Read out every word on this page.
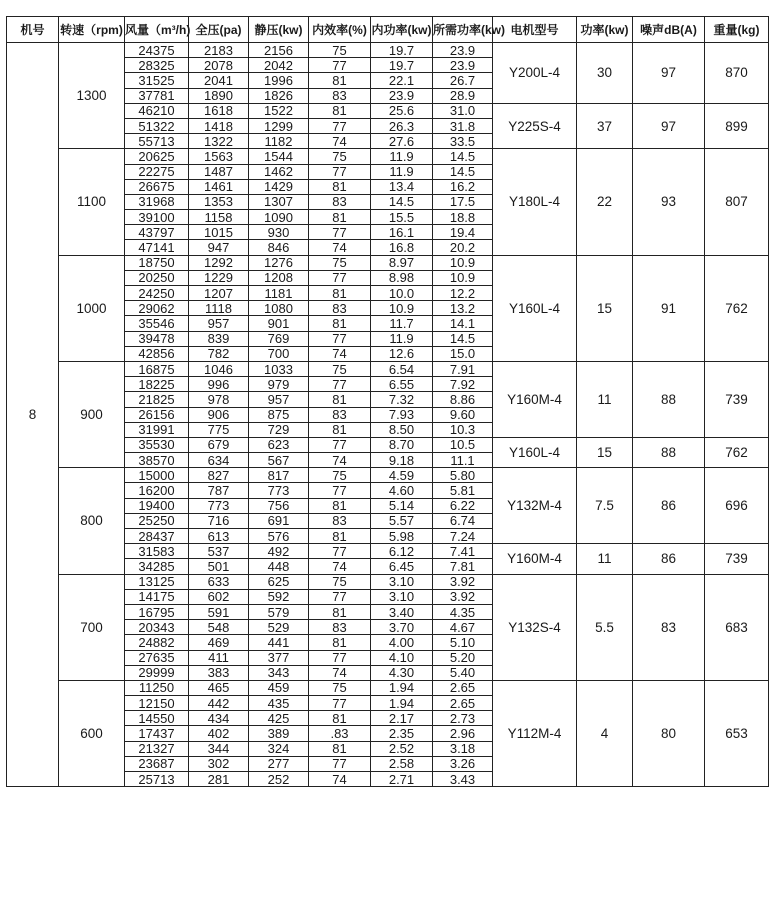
机号	转速（rpm)	风量（m³/h)	全压(pa)	静压(kw)	内效率(%)	内功率(kw)	所需功率(kw)	电机型号	功率(kw)	噪声dB(A)	重量(kg)
8	1300	24375	2183	2156	75	19.7	23.9	Y200L-4	30	97	870
		28325	2078	2042	77	19.7	23.9				
		31525	2041	1996	81	22.1	26.7				
		37781	1890	1826	83	23.9	28.9				
		46210	1618	1522	81	25.6	31.0	Y225S-4	37	97	899
		51322	1418	1299	77	26.3	31.8				
		55713	1322	1182	74	27.6	33.5				
	1100	20625	1563	1544	75	11.9	14.5	Y180L-4	22	93	807
		22275	1487	1462	77	11.9	14.5				
		26675	1461	1429	81	13.4	16.2				
		31968	1353	1307	83	14.5	17.5				
		39100	1158	1090	81	15.5	18.8				
		43797	1015	930	77	16.1	19.4				
		47141	947	846	74	16.8	20.2				
	1000	18750	1292	1276	75	8.97	10.9	Y160L-4	15	91	762
		20250	1229	1208	77	8.98	10.9				
		24250	1207	1181	81	10.0	12.2				
		29062	1118	1080	83	10.9	13.2				
		35546	957	901	81	11.7	14.1				
		39478	839	769	77	11.9	14.5				
		42856	782	700	74	12.6	15.0				
	900	16875	1046	1033	75	6.54	7.91	Y160M-4	11	88	739
		18225	996	979	77	6.55	7.92				
		21825	978	957	81	7.32	8.86				
		26156	906	875	83	7.93	9.60				
		31991	775	729	81	8.50	10.3				
		35530	679	623	77	8.70	10.5	Y160L-4	15	88	762
		38570	634	567	74	9.18	11.1				
	800	15000	827	817	75	4.59	5.80	Y132M-4	7.5	86	696
		16200	787	773	77	4.60	5.81				
		19400	773	756	81	5.14	6.22				
		25250	716	691	83	5.57	6.74				
		28437	613	576	81	5.98	7.24				
		31583	537	492	77	6.12	7.41	Y160M-4	11	86	739
		34285	501	448	74	6.45	7.81				
	700	13125	633	625	75	3.10	3.92	Y132S-4	5.5	83	683
		14175	602	592	77	3.10	3.92				
		16795	591	579	81	3.40	4.35				
		20343	548	529	83	3.70	4.67				
		24882	469	441	81	4.00	5.10				
		27635	411	377	77	4.10	5.20				
		29999	383	343	74	4.30	5.40				
	600	11250	465	459	75	1.94	2.65	Y112M-4	4	80	653
		12150	442	435	77	1.94	2.65				
		14550	434	425	81	2.17	2.73				
		17437	402	389	.83	2.35	2.96				
		21327	344	324	81	2.52	3.18				
		23687	302	277	77	2.58	3.26				
		25713	281	252	74	2.71	3.43				
